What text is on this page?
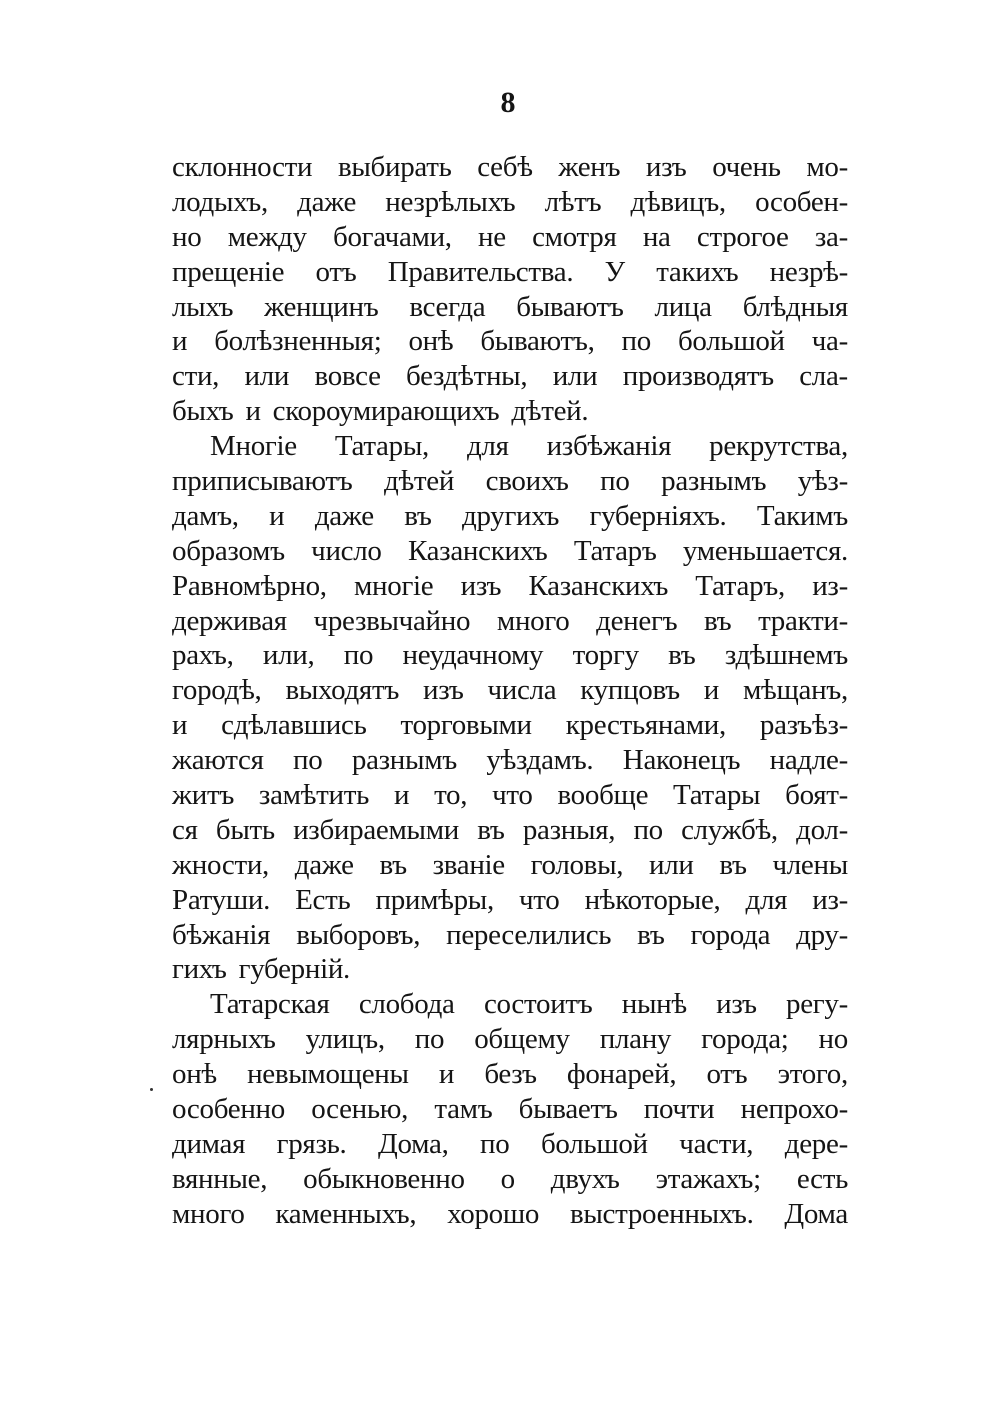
8
склонности выбирать себѣ женъ изъ очень мо-
лодыхъ, даже незрѣлыхъ лѣтъ дѣвицъ, особен-
но между богачами, не смотря на строгое за-
прещеніе отъ Правительства. У такихъ незрѣ-
лыхъ женщинъ всегда бываютъ лица блѣдныя
и болѣзненныя; онѣ бываютъ, по большой ча-
сти, или вовсе бездѣтны, или производятъ сла-
быхъ и скороумирающихъ дѣтей.
Многіе Татары, для избѣжанія рекрутства,
приписываютъ дѣтей своихъ по разнымъ уѣз-
дамъ, и даже въ другихъ губерніяхъ. Такимъ
образомъ число Казанскихъ Татаръ уменьшается.
Равномѣрно, многіе изъ Казанскихъ Татаръ, из-
держивая чрезвычайно много денегъ въ тракти-
рахъ, или, по неудачному торгу въ здѣшнемъ
городѣ, выходятъ изъ числа купцовъ и мѣщанъ,
и сдѣлавшись торговыми крестьянами, разъѣз-
жаются по разнымъ уѣздамъ. Наконецъ надле-
житъ замѣтить и то, что вообще Татары боят-
ся быть избираемыми въ разныя, по службѣ, дол-
жности, даже въ званіе головы, или въ члены
Ратуши. Есть примѣры, что нѣкоторые, для из-
бѣжанія выборовъ, переселились въ города дру-
гихъ губерній.
Татарская слобода состоитъ нынѣ изъ регу-
лярныхъ улицъ, по общему плану города; но
онѣ невымощены и безъ фонарей, отъ этого,
особенно осенью, тамъ бываетъ почти непрохо-
димая грязь. Дома, по большой части, дере-
вянные, обыкновенно о двухъ этажахъ; есть
много каменныхъ, хорошо выстроенныхъ. Дома
